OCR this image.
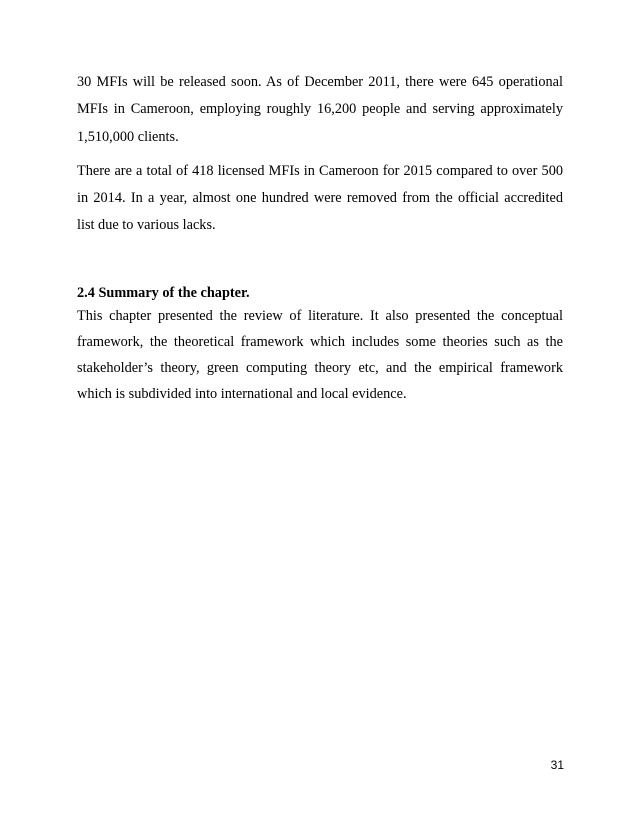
30 MFIs will be released soon. As of December 2011, there were 645 operational

MFIs in Cameroon, employing roughly 16,200 people and serving approximately

1,510,000 clients.

There are a total of 418 licensed MFIs in Cameroon for 2015 compared to over 500

in 2014. In a year, almost one hundred were removed from the official accredited

list due to various lacks.

2.4 Summary of the chapter.

This chapter presented the review of literature. It also presented the conceptual

framework, the theoretical framework which includes some theories such as the

stakeholder’s theory, green computing theory etc, and the empirical framework

which is subdivided into international and local evidence.

31
